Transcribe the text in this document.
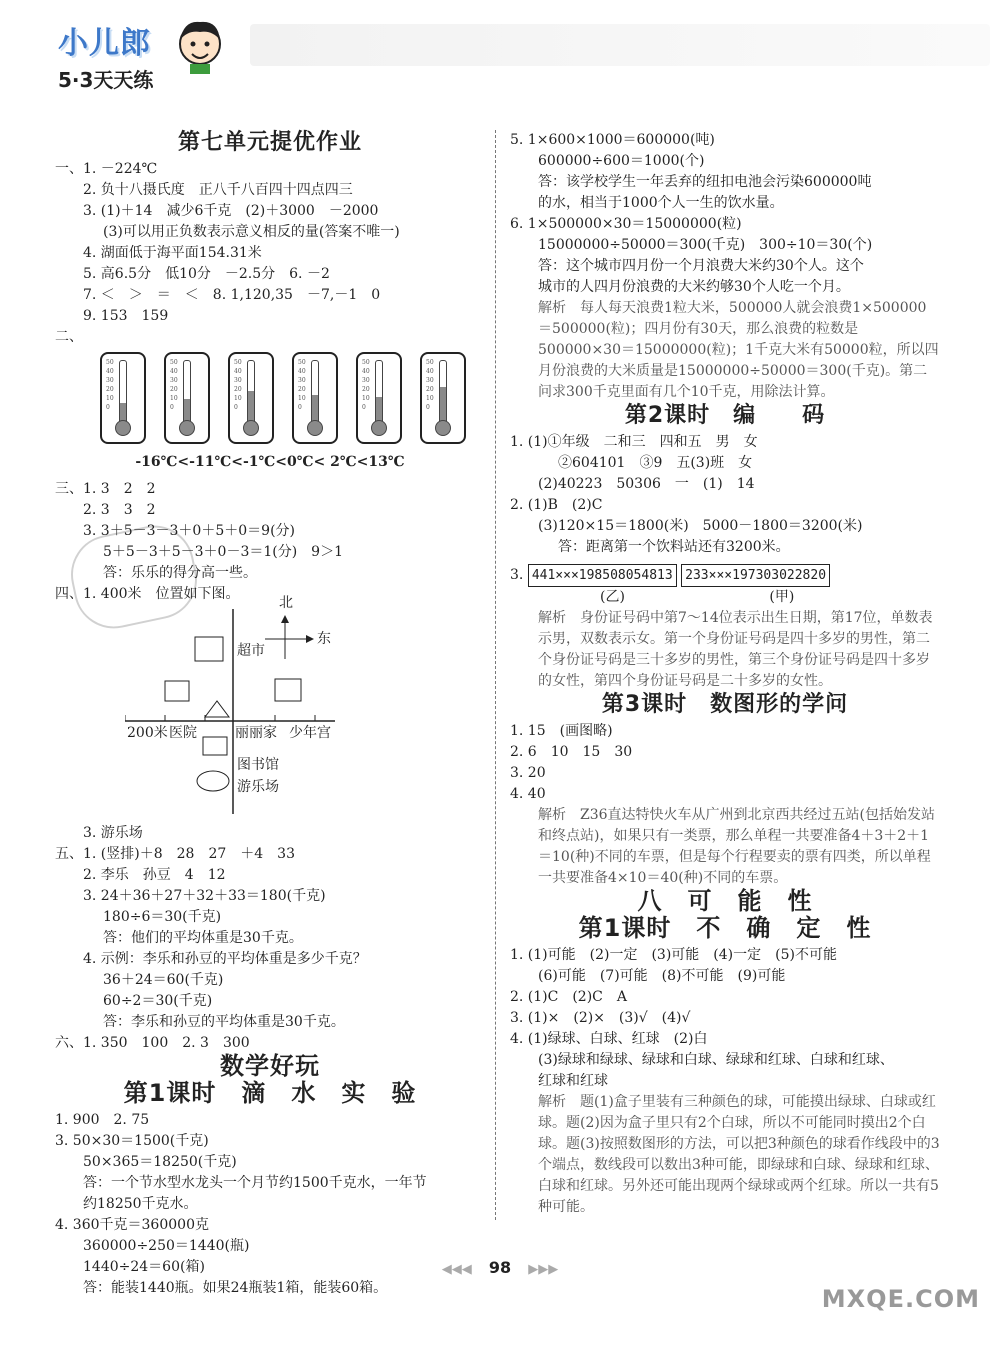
小儿郎
5·3天天练
第七单元提优作业
一、1. －224℃
2. 负十八摄氏度　正八千八百四十四点四三
3. (1)＋14　减少6千克　(2)＋3000　－2000
(3)可以用正负数表示意义相反的量(答案不唯一)
4. 湖面低于海平面154.31米
5. 高6.5分　低10分　－2.5分　6. －2
7. ＜　＞　＝　＜　8. 1,120,35　－7,－1　0
9. 153　159
二、
50
40
30
20
10
0
50
40
30
20
10
0
50
40
30
20
10
0
50
40
30
20
10
0
50
40
30
20
10
0
50
40
30
20
10
0
-16℃<-11℃<-1℃<0℃< 2℃<13℃
三、1. 3　2　2
2. 3　3　2
3. 3＋5－3－3＋0＋5＋0＝9(分)
5＋5－3＋5－3＋0－3＝1(分)　9＞1
答：乐乐的得分高一些。
四、1. 400米　位置如下图。
北
东
超市
200米 医院	丽丽家 少年宫
图书馆
游乐场
3. 游乐场
五、1. (竖排)＋8　28　27　＋4　33
2. 李乐　孙豆　4　12
3. 24＋36＋27＋32＋33＝180(千克)
180÷6＝30(千克)
答：他们的平均体重是30千克。
4. 示例：李乐和孙豆的平均体重是多少千克？
36＋24＝60(千克)
60÷2＝30(千克)
答：李乐和孙豆的平均体重是30千克。
六、1. 350　100　2. 3　300
数学好玩
第1课时　滴　水　实　验
1. 900　2. 75
3. 50×30＝1500(千克)
50×365＝18250(千克)
答：一个节水型水龙头一个月节约1500千克水，一年节
约18250千克水。
4. 360千克＝360000克
360000÷250＝1440(瓶)
1440÷24＝60(箱)
答：能装1440瓶。如果24瓶装1箱，能装60箱。
5. 1×600×1000＝600000(吨)
600000÷600＝1000(个)
答：该学校学生一年丢弃的纽扣电池会污染600000吨
的水，相当于1000个人一生的饮水量。
6. 1×500000×30＝15000000(粒)
15000000÷50000＝300(千克)　300÷10＝30(个)
答：这个城市四月份一个月浪费大米约30个人。这个
城市的人四月份浪费的大米约够30个人吃一个月。
解析　每人每天浪费1粒大米，500000人就会浪费1×500000＝500000(粒)；四月份有30天，那么浪费的粒数是500000×30＝15000000(粒)；1千克大米有50000粒，所以四月份浪费的大米质量是15000000÷50000＝300(千克)。第二问求300千克里面有几个10千克，用除法计算。
第2课时　编　　码
1. (1)①年级　二和三　四和五　男　女
②604101　③9　五(3)班　女
(2)40223　50306　一　(1)　14
2. (1)B　(2)C
(3)120×15＝1800(米)　5000－1800＝3200(米)
答：距离第一个饮料站还有3200米。
3. 441×××198508054813 233×××197303022820
(乙)	(甲)
解析　身份证号码中第7～14位表示出生日期，第17位，单数表示男，双数表示女。第一个身份证号码是四十多岁的男性，第二个身份证号码是三十多岁的男性，第三个身份证号码是四十多岁的女性，第四个身份证号码是二十多岁的女性。
第3课时　数图形的学问
1. 15　(画图略)
2. 6　10　15　30
3. 20
4. 40
解析　Z36直达特快火车从广州到北京西共经过五站(包括始发站和终点站)，如果只有一类票，那么单程一共要准备4＋3＋2＋1＝10(种)不同的车票，但是每个行程要卖的票有四类，所以单程一共要准备4×10＝40(种)不同的车票。
八　可　能　性
第1课时　不　确　定　性
1. (1)可能　(2)一定　(3)可能　(4)一定　(5)不可能
(6)可能　(7)可能　(8)不可能　(9)可能
2. (1)C　(2)C　A
3. (1)×　(2)×　(3)√　(4)√
4. (1)绿球、白球、红球　(2)白
(3)绿球和绿球、绿球和白球、绿球和红球、白球和红球、
红球和红球
解析　题(1)盒子里装有三种颜色的球，可能摸出绿球、白球或红球。题(2)因为盒子里只有2个白球，所以不可能同时摸出2个白球。题(3)按照数图形的方法，可以把3种颜色的球看作线段中的3个端点，数线段可以数出3种可能，即绿球和白球、绿球和红球、白球和红球。另外还可能出现两个绿球或两个红球。所以一共有5种可能。
◀◀◀ 98 ▶▶▶
MXQE.COM
